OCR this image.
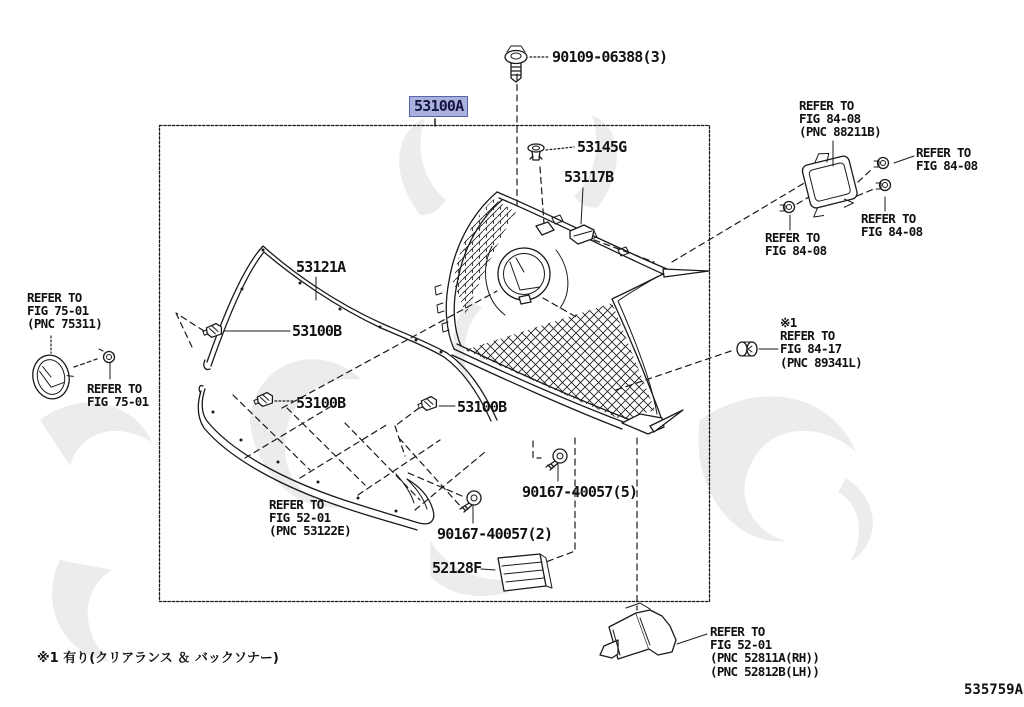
90109-06388(3)
53100A
53145G
53117B
53121A
53100B
53100B	53100B
90167-40057(5)
90167-40057(2)
52128F
REFER TO
FIG 84-08
(PNC 88211B)
REFER TO
FIG 84-08
REFER TO
FIG 84-08
REFER TO
FIG 84-08
REFER TO
FIG 75-01
(PNC 75311)
REFER TO
FIG 75-01
※1
REFER TO
FIG 84-17
(PNC 89341L)
REFER TO
FIG 52-01
(PNC 53122E)
REFER TO
FIG 52-01
(PNC 52811A(RH))
(PNC 52812B(LH))
※1 有り(クリアランス ＆ バックソナー)
535759A
